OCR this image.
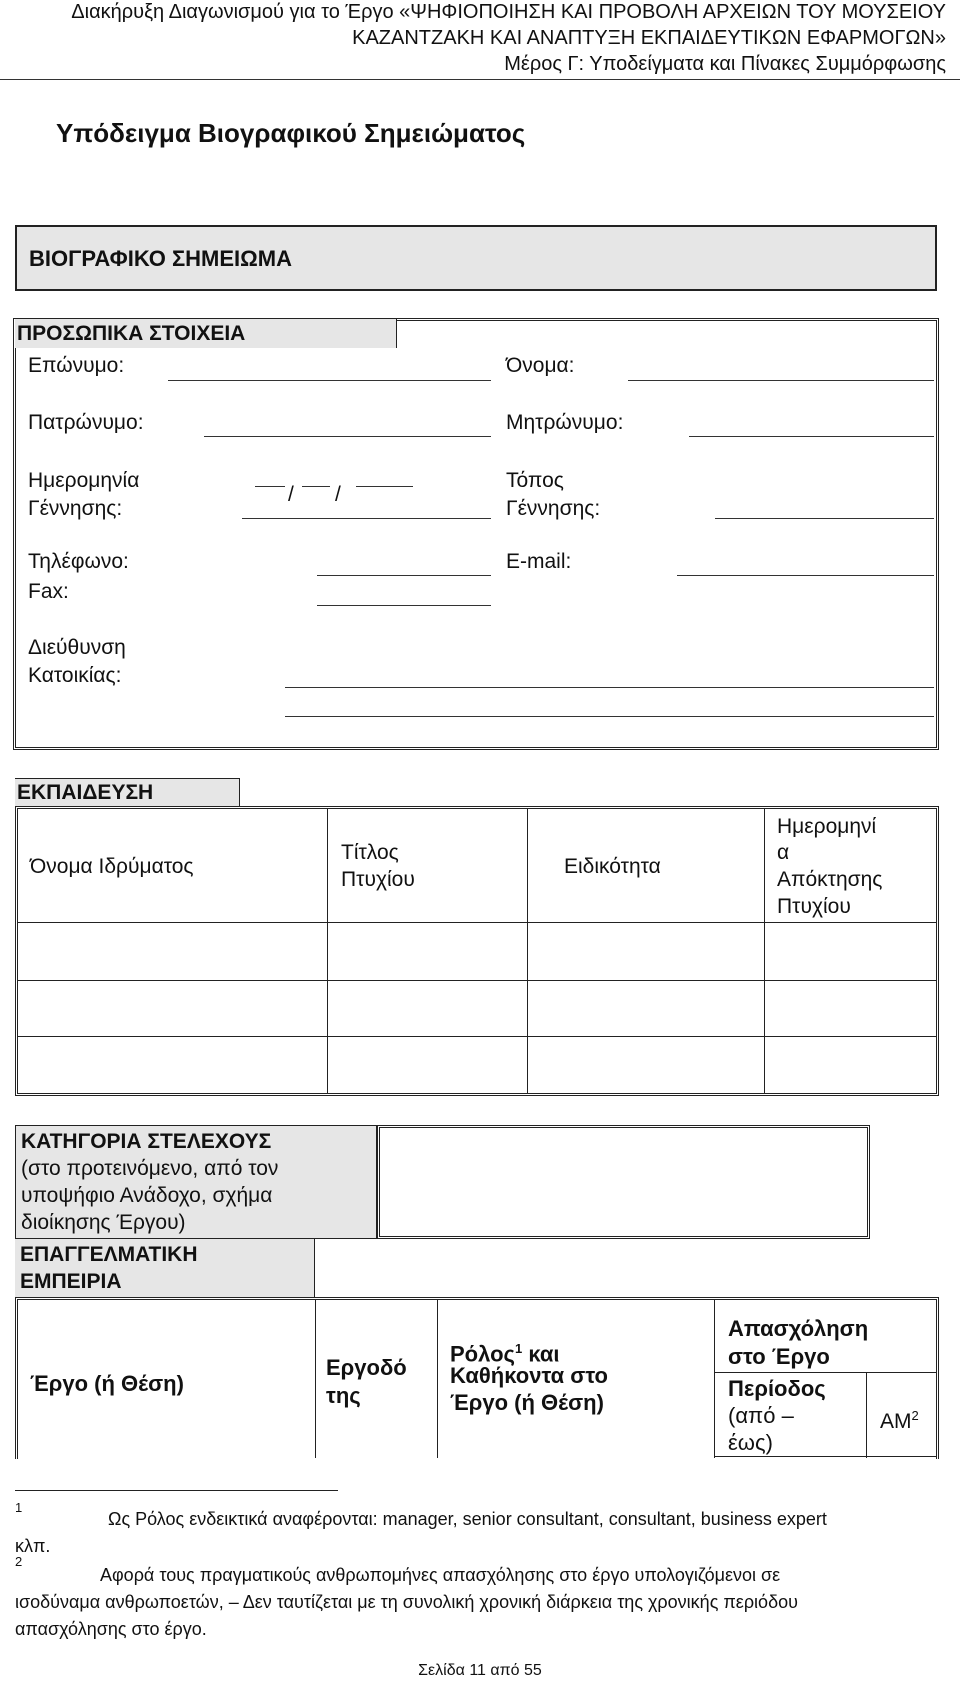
Διακήρυξη Διαγωνισμού για το Έργο «ΨΗΦΙΟΠΟΙΗΣΗ ΚΑΙ ΠΡΟΒΟΛΗ ΑΡΧΕΙΩΝ ΤΟΥ ΜΟΥΣΕΙΟΥ
ΚΑΖΑΝΤΖΑΚΗ ΚΑΙ ΑΝΑΠΤΥΞΗ ΕΚΠΑΙΔΕΥΤΙΚΩΝ ΕΦΑΡΜΟΓΩΝ»
Μέρος Γ: Υποδείγματα και Πίνακες Συμμόρφωσης
Υπόδειγμα Βιογραφικού Σημειώματος
ΒΙΟΓΡΑΦΙΚΟ ΣΗΜΕΙΩΜΑ
ΠΡΟΣΩΠΙΚΑ ΣΤΟΙΧΕΙΑ
Επώνυμο:	Όνομα:
Πατρώνυμο:	Μητρώνυμο:
Ημερομηνία
Γέννησης:
/ /
Τόπος
Γέννησης:
Τηλέφωνο:
Fax:
E-mail:
Διεύθυνση
Κατοικίας:
ΕΚΠΑΙΔΕΥΣΗ
Όνομα Ιδρύματος
Τίτλος
Πτυχίου
Ειδικότητα
Ημερομηνί
α
Απόκτησης
Πτυχίου
ΚΑΤΗΓΟΡΙΑ ΣΤΕΛΕΧΟΥΣ
(στο προτεινόμενο, από τον
υποψήφιο Ανάδοχο, σχήμα
διοίκησης Έργου)
ΕΠΑΓΓΕΛΜΑΤΙΚΗ
ΕΜΠΕΙΡΙΑ
Έργο (ή Θέση)
Εργοδό
της
Ρόλος$^1$ και
Καθήκοντα στο
Έργο (ή Θέση)
Απασχόληση
στο Έργο
Περίοδος
(από –
έως)
$AM^2$
1
Ως Ρόλος ενδεικτικά αναφέρονται: manager, senior consultant, consultant, business expert
κλπ.
2
Αφορά τους πραγματικούς ανθρωπομήνες απασχόλησης στο έργο υπολογιζόμενοι σε
ισοδύναμα ανθρωποετών, – Δεν ταυτίζεται με τη συνολική χρονική διάρκεια της χρονικής περιόδου
απασχόλησης στο έργο.
Σελίδα 11 από 55
